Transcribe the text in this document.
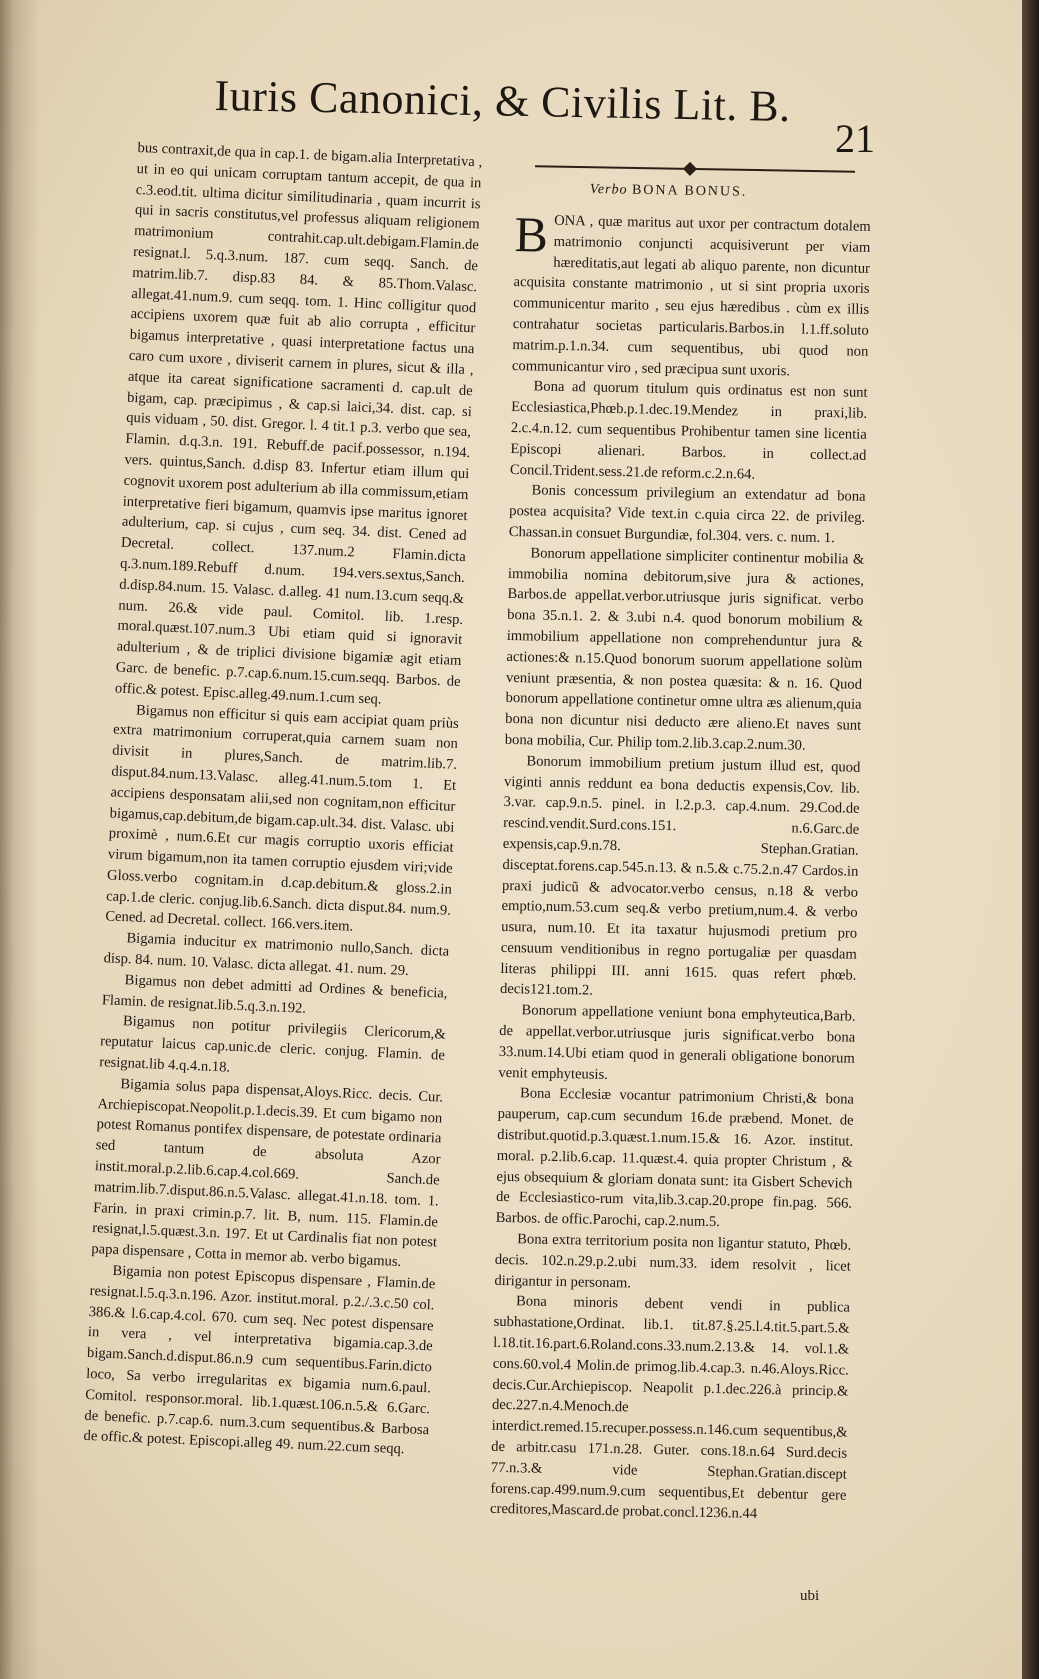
Iuris Canonici, & Civilis Lit. B.
21
Verbo BONA BONUS.

bus contraxit,de qua in cap.1. de bigam.alia Interpretativa , ut in eo qui unicam corruptam tantum accepit, de qua in c.3.eod.tit. ultima dicitur similitudinaria , quam incurrit is qui in sacris constitutus,vel professus aliquam religionem matrimonium contrahit.cap.ult.debigam.Flamin.de resignat.l. 5.q.3.num. 187. cum seqq. Sanch. de matrim.lib.7. disp.83 84. & 85.Thom.Valasc. allegat.41.num.9. cum seqq. tom. 1. Hinc colligitur quod accipiens uxorem quæ fuit ab alio corrupta , efficitur bigamus interpretative , quasi interpretatione factus una caro cum uxore , diviserit carnem in plures, sicut & illa , atque ita careat significatione sacramenti d. cap.ult de bigam, cap. præcipimus , & cap.si laici,34. dist. cap. si quis viduam , 50. dist. Gregor. l. 4 tit.1 p.3. verbo que sea, Flamin. d.q.3.n. 191. Rebuff.de pacif.possessor, n.194. vers. quintus,Sanch. d.disp 83. Infertur etiam illum qui cognovit uxorem post adulterium ab illa commissum,etiam interpretative fieri bigamum, quamvis ipse maritus ignoret adulterium, cap. si cujus , cum seq. 34. dist. Cened ad Decretal. collect. 137.num.2 Flamin.dicta q.3.num.189.Rebuff d.num. 194.vers.sextus,Sanch. d.disp.84.num. 15. Valasc. d.alleg. 41 num.13.cum seqq.& num. 26.& vide paul. Comitol. lib. 1.resp. moral.quæst.107.num.3 Ubi etiam quid si ignoravit adulterium , & de triplici divisione bigamiæ agit etiam Garc. de benefic. p.7.cap.6.num.15.cum.seqq. Barbos. de offic.& potest. Episc.alleg.49.num.1.cum seq.

Bigamus non efficitur si quis eam accipiat quam priùs extra matrimonium corruperat,quia carnem suam non divisit in plures,Sanch. de matrim.lib.7. disput.84.num.13.Valasc. alleg.41.num.5.tom 1. Et accipiens desponsatam alii,sed non cognitam,non efficitur bigamus,cap.debitum,de bigam.cap.ult.34. dist. Valasc. ubi proximè , num.6.Et cur magis corruptio uxoris efficiat virum bigamum,non ita tamen corruptio ejusdem viri;vide Gloss.verbo cognitam.in d.cap.debitum.& gloss.2.in cap.1.de cleric. conjug.lib.6.Sanch. dicta disput.84. num.9. Cened. ad Decretal. collect. 166.vers.item.

Bigamia inducitur ex matrimonio nullo,Sanch. dicta disp. 84. num. 10. Valasc. dicta allegat. 41. num. 29.

Bigamus non debet admitti ad Ordines & beneficia, Flamin. de resignat.lib.5.q.3.n.192.

Bigamus non potitur privilegiis Clericorum,& reputatur laicus cap.unic.de cleric. conjug. Flamin. de resignat.lib 4.q.4.n.18.

Bigamia solus papa dispensat,Aloys.Ricc. decis. Cur. Archiepiscopat.Neopolit.p.1.decis.39. Et cum bigamo non potest Romanus pontifex dispensare, de potestate ordinaria sed tantum de absoluta Azor instit.moral.p.2.lib.6.cap.4.col.669. Sanch.de matrim.lib.7.disput.86.n.5.Valasc. allegat.41.n.18. tom. 1. Farin. in praxi crimin.p.7. lit. B, num. 115. Flamin.de resignat,l.5.quæst.3.n. 197. Et ut Cardinalis fiat non potest papa dispensare , Cotta in memor ab. verbo bigamus.

Bigamia non potest Episcopus dispensare , Flamin.de resignat.l.5.q.3.n.196. Azor. institut.moral. p.2./.3.c.50 col. 386.& l.6.cap.4.col. 670. cum seq. Nec potest dispensare in vera , vel interpretativa bigamia.cap.3.de bigam.Sanch.d.disput.86.n.9 cum sequentibus.Farin.dicto loco, Sa verbo irregularitas ex bigamia num.6.paul. Comitol. responsor.moral. lib.1.quæst.106.n.5.& 6.Garc. de benefic. p.7.cap.6. num.3.cum sequentibus.& Barbosa de offic.& potest. Episcopi.alleg 49. num.22.cum seqq.

BONA , quæ maritus aut uxor per contractum dotalem matrimonio conjuncti acquisiverunt per viam hæreditatis,aut legati ab aliquo parente, non dicuntur acquisita constante matrimonio , ut si sint propria uxoris communicentur marito , seu ejus hæredibus . cùm ex illis contrahatur societas particularis.Barbos.in l.1.ff.soluto matrim.p.1.n.34. cum sequentibus, ubi quod non communicantur viro , sed præcipua sunt uxoris.

Bona ad quorum titulum quis ordinatus est non sunt Ecclesiastica,Phœb.p.1.dec.19.Mendez in praxi,lib. 2.c.4.n.12. cum sequentibus Prohibentur tamen sine licentia Episcopi alienari. Barbos. in collect.ad Concil.Trident.sess.21.de reform.c.2.n.64.

Bonis concessum privilegium an extendatur ad bona postea acquisita? Vide text.in c.quia circa 22. de privileg. Chassan.in consuet Burgundiæ, fol.304. vers. c. num. 1.

Bonorum appellatione simpliciter continentur mobilia & immobilia nomina debitorum,sive jura & actiones, Barbos.de appellat.verbor.utriusque juris significat. verbo bona 35.n.1. 2. & 3.ubi n.4. quod bonorum mobilium & immobilium appellatione non comprehenduntur jura & actiones:& n.15.Quod bonorum suorum appellatione solùm veniunt præsentia, & non postea quæsita: & n. 16. Quod bonorum appellatione continetur omne ultra æs alienum,quia bona non dicuntur nisi deducto ære alieno.Et naves sunt bona mobilia, Cur. Philip tom.2.lib.3.cap.2.num.30.

Bonorum immobilium pretium justum illud est, quod viginti annis reddunt ea bona deductis expensis,Cov. lib. 3.var. cap.9.n.5. pinel. in l.2.p.3. cap.4.num. 29.Cod.de rescind.vendit.Surd.cons.151. n.6.Garc.de expensis,cap.9.n.78. Stephan.Gratian. disceptat.forens.cap.545.n.13. & n.5.& c.75.2.n.47 Cardos.in praxi judicũ & advocator.verbo census, n.18 & verbo emptio,num.53.cum seq.& verbo pretium,num.4. & verbo usura, num.10. Et ita taxatur hujusmodi pretium pro censuum venditionibus in regno portugaliæ per quasdam literas philippi III. anni 1615. quas refert phœb. decis121.tom.2.

Bonorum appellatione veniunt bona emphyteutica,Barb. de appellat.verbor.utriusque juris significat.verbo bona 33.num.14.Ubi etiam quod in generali obligatione bonorum venit emphyteusis.

Bona Ecclesiæ vocantur patrimonium Christi,& bona pauperum, cap.cum secundum 16.de præbend. Monet. de distribut.quotid.p.3.quæst.1.num.15.& 16. Azor. institut. moral. p.2.lib.6.cap. 11.quæst.4. quia propter Christum , & ejus obsequium & gloriam donata sunt: ita Gisbert Schevich de Ecclesiastico-rum vita,lib.3.cap.20.prope fin.pag. 566. Barbos. de offic.Parochi, cap.2.num.5.

Bona extra territorium posita non ligantur statuto, Phœb. decis. 102.n.29.p.2.ubi num.33. idem resolvit , licet dirigantur in personam.

Bona minoris debent vendi in publica subhastatione,Ordinat. lib.1. tit.87.§.25.l.4.tit.5.part.5.& l.18.tit.16.part.6.Roland.cons.33.num.2.13.& 14. vol.1.& cons.60.vol.4 Molin.de primog.lib.4.cap.3. n.46.Aloys.Ricc. decis.Cur.Archiepiscop. Neapolit p.1.dec.226.à princip.& dec.227.n.4.Menoch.de interdict.remed.15.recuper.possess.n.146.cum sequentibus,& de arbitr.casu 171.n.28. Guter. cons.18.n.64 Surd.decis 77.n.3.& vide Stephan.Gratian.discept forens.cap.499.num.9.cum sequentibus,Et debentur gere creditores,Mascard.de probat.concl.1236.n.44

ubi
